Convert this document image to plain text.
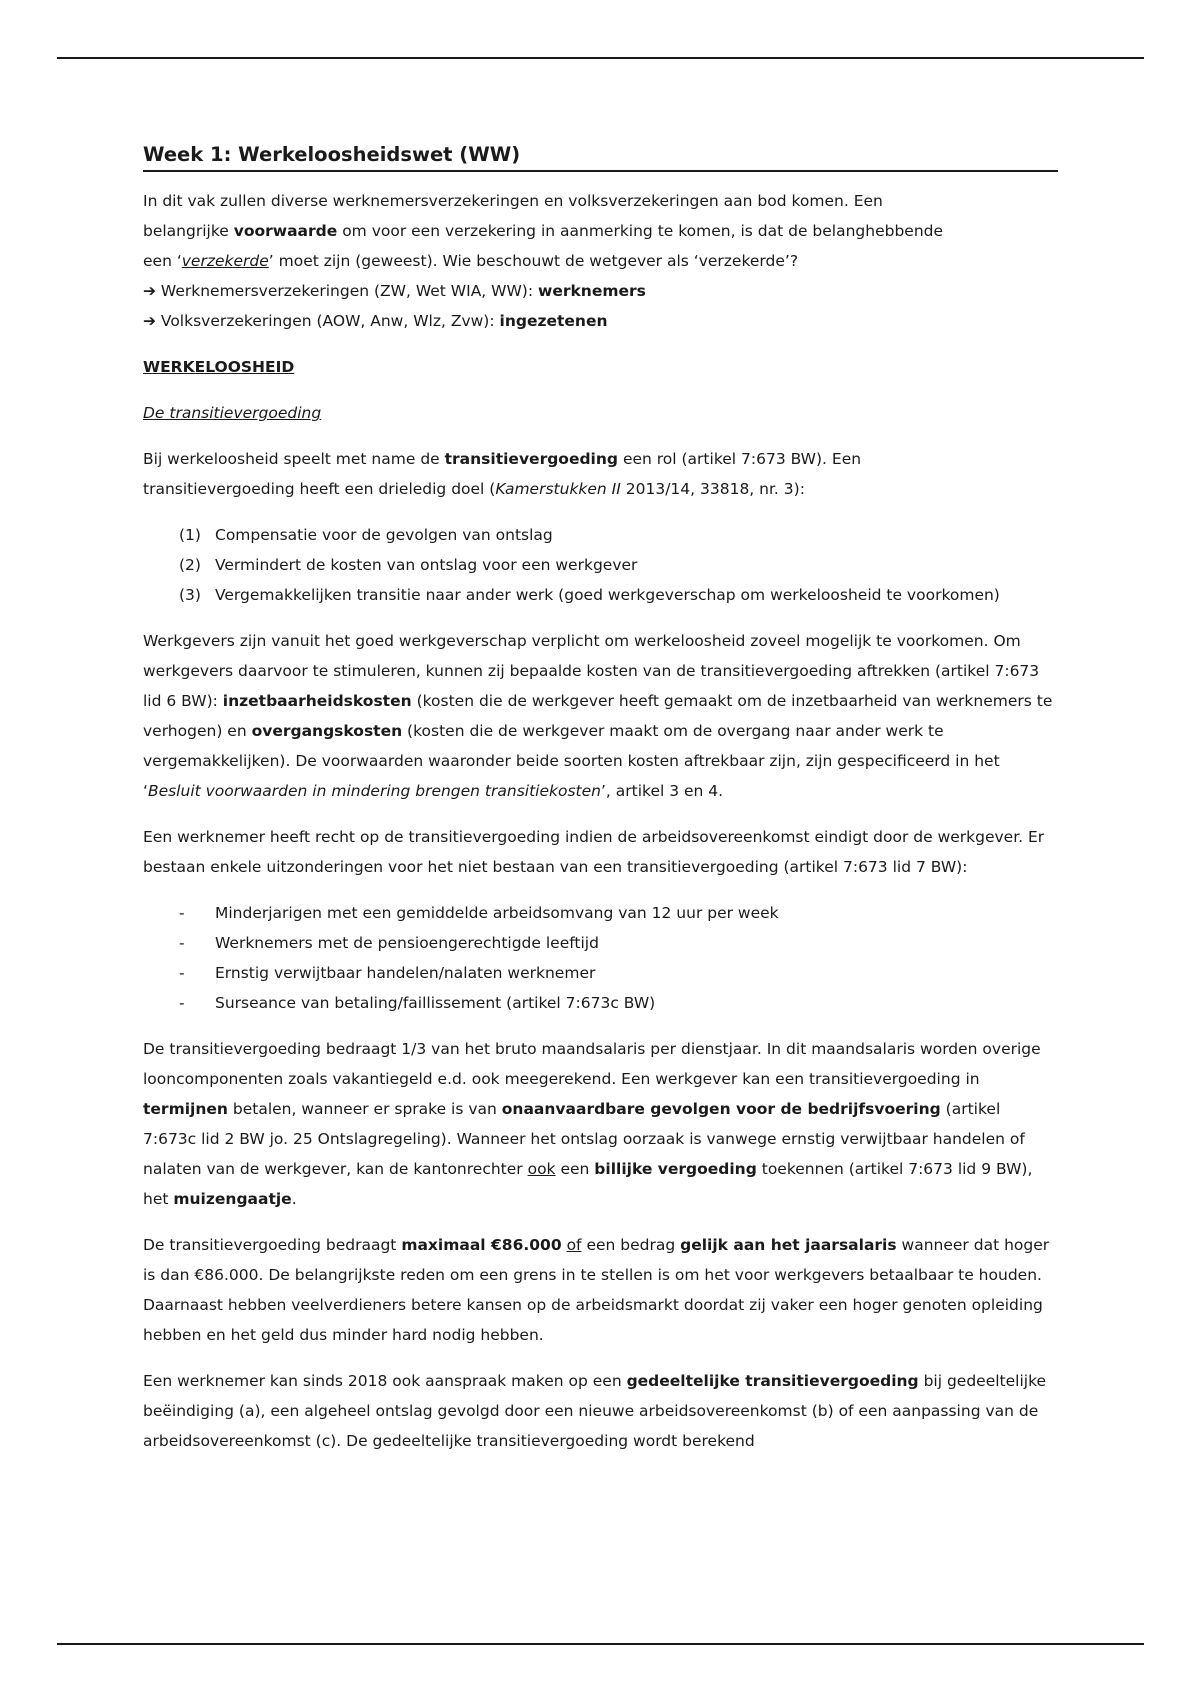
Week 1: Werkeloosheidswet (WW)

In dit vak zullen diverse werknemersverzekeringen en volksverzekeringen aan bod komen. Een

belangrijke voorwaarde om voor een verzekering in aanmerking te komen, is dat de belanghebbende

een ‘verzekerde’ moet zijn (geweest). Wie beschouwt de wetgever als ‘verzekerde’?

➔ Werknemersverzekeringen (ZW, Wet WIA, WW): werknemers

➔ Volksverzekeringen (AOW, Anw, Wlz, Zvw): ingezetenen

WERKELOOSHEID

De transitievergoeding

Bij werkeloosheid speelt met name de transitievergoeding een rol (artikel 7:673 BW). Een
transitievergoeding heeft een drieledig doel (Kamerstukken II 2013/14, 33818, nr. 3):

(1) Compensatie voor de gevolgen van ontslag
(2) Vermindert de kosten van ontslag voor een werkgever
(3) Vergemakkelijken transitie naar ander werk (goed werkgeverschap om werkeloosheid te voorkomen)

Werkgevers zijn vanuit het goed werkgeverschap verplicht om werkeloosheid zoveel mogelijk te voorkomen. Om werkgevers daarvoor te stimuleren, kunnen zij bepaalde kosten van de transitievergoeding aftrekken (artikel 7:673 lid 6 BW): inzetbaarheidskosten (kosten die de werkgever heeft gemaakt om de inzetbaarheid van werknemers te verhogen) en overgangskosten (kosten die de werkgever maakt om de overgang naar ander werk te vergemakkelijken). De voorwaarden waaronder beide soorten kosten aftrekbaar zijn, zijn gespecificeerd in het ‘Besluit voorwaarden in mindering brengen transitiekosten’, artikel 3 en 4.

Een werknemer heeft recht op de transitievergoeding indien de arbeidsovereenkomst eindigt door de werkgever. Er bestaan enkele uitzonderingen voor het niet bestaan van een transitievergoeding (artikel 7:673 lid 7 BW):

-	Minderjarigen met een gemiddelde arbeidsomvang van 12 uur per week
-	Werknemers met de pensioengerechtigde leeftijd
-	Ernstig verwijtbaar handelen/nalaten werknemer
-	Surseance van betaling/faillissement (artikel 7:673c BW)

De transitievergoeding bedraagt 1/3 van het bruto maandsalaris per dienstjaar. In dit maandsalaris worden overige looncomponenten zoals vakantiegeld e.d. ook meegerekend. Een werkgever kan een transitievergoeding in termijnen betalen, wanneer er sprake is van onaanvaardbare gevolgen voor de bedrijfsvoering (artikel 7:673c lid 2 BW jo. 25 Ontslagregeling). Wanneer het ontslag oorzaak is vanwege ernstig verwijtbaar handelen of nalaten van de werkgever, kan de kantonrechter ook een billijke vergoeding toekennen (artikel 7:673 lid 9 BW), het muizengaatje.

De transitievergoeding bedraagt maximaal €86.000 of een bedrag gelijk aan het jaarsalaris wanneer dat hoger is dan €86.000. De belangrijkste reden om een grens in te stellen is om het voor werkgevers betaalbaar te houden. Daarnaast hebben veelverdieners betere kansen op de arbeidsmarkt doordat zij vaker een hoger genoten opleiding hebben en het geld dus minder hard nodig hebben.

Een werknemer kan sinds 2018 ook aanspraak maken op een gedeeltelijke transitievergoeding bij gedeeltelijke beëindiging (a), een algeheel ontslag gevolgd door een nieuwe arbeidsovereenkomst (b) of een aanpassing van de arbeidsovereenkomst (c). De gedeeltelijke transitievergoeding wordt berekend
